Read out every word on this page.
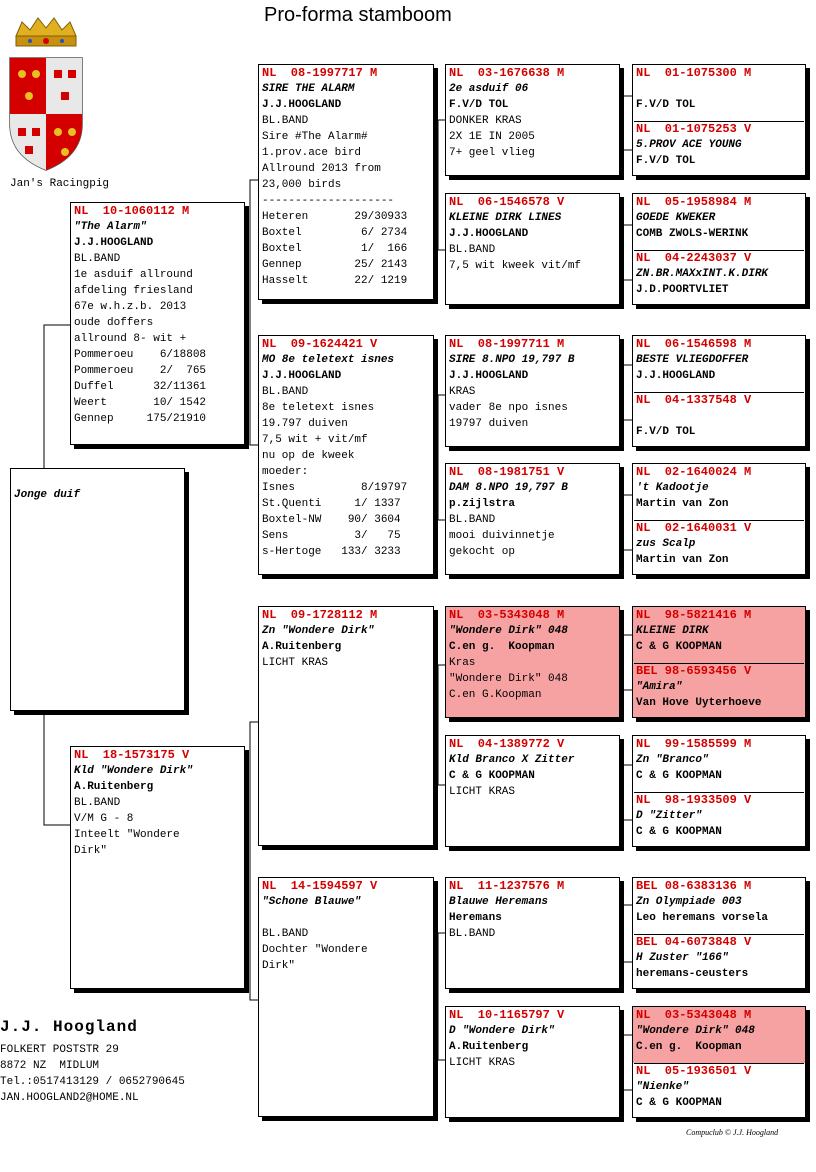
Pro-forma stamboom
Jan's Racingpig
Jonge duif
NL  10-1060112 M
"The Alarm"
J.J.HOOGLAND
BL.BAND
1e asduif allround
afdeling friesland
67e w.h.z.b. 2013
oude doffers
allround 8- wit +
Pommeroeu    6/18808
Pommeroeu    2/  765
Duffel      32/11361
Weert       10/ 1542
Gennep     175/21910
NL  18-1573175 V
Kld "Wondere Dirk"
A.Ruitenberg
BL.BAND
V/M G - 8
Inteelt "Wondere
Dirk"
NL  08-1997717 M
SIRE THE ALARM
J.J.HOOGLAND
BL.BAND
Sire #The Alarm#
1.prov.ace bird
Allround 2013 from
23,000 birds
--------------------
Heteren       29/30933
Boxtel         6/ 2734
Boxtel         1/  166
Gennep        25/ 2143
Hasselt       22/ 1219
NL  09-1624421 V
MO 8e teletext isnes
J.J.HOOGLAND
BL.BAND
8e teletext isnes
19.797 duiven
7,5 wit + vit/mf
nu op de kweek
moeder:
Isnes          8/19797
St.Quenti     1/ 1337
Boxtel-NW    90/ 3604
Sens          3/   75
s-Hertoge   133/ 3233
NL  09-1728112 M
Zn "Wondere Dirk"
A.Ruitenberg
LICHT KRAS
NL  14-1594597 V
"Schone Blauwe"
BL.BAND
Dochter "Wondere
Dirk"
NL  03-1676638 M
2e asduif 06
F.V/D TOL
DONKER KRAS
2X 1E IN 2005
7+ geel vlieg
NL  06-1546578 V
KLEINE DIRK LINES
J.J.HOOGLAND
BL.BAND
7,5 wit kweek vit/mf
NL  08-1997711 M
SIRE 8.NPO 19,797 B
J.J.HOOGLAND
KRAS
vader 8e npo isnes
19797 duiven
NL  08-1981751 V
DAM 8.NPO 19,797 B
p.zijlstra
BL.BAND
mooi duivinnetje
gekocht op
NL  03-5343048 M
"Wondere Dirk" 048
C.en g.  Koopman
Kras
"Wondere Dirk" 048
C.en G.Koopman
NL  04-1389772 V
Kld Branco X Zitter
C & G KOOPMAN
LICHT KRAS
NL  11-1237576 M
Blauwe Heremans
Heremans
BL.BAND
NL  10-1165797 V
D "Wondere Dirk"
A.Ruitenberg
LICHT KRAS
NL  01-1075300 M
F.V/D TOL
NL  01-1075253 V
5.PROV ACE YOUNG
F.V/D TOL
NL  05-1958984 M
GOEDE KWEKER
COMB ZWOLS-WERINK
NL  04-2243037 V
ZN.BR.MAXxINT.K.DIRK
J.D.POORTVLIET
NL  06-1546598 M
BESTE VLIEGDOFFER
J.J.HOOGLAND
NL  04-1337548 V
F.V/D TOL
NL  02-1640024 M
't Kadootje
Martin van Zon
NL  02-1640031 V
zus Scalp
Martin van Zon
NL  98-5821416 M
KLEINE DIRK
C & G KOOPMAN
BEL 98-6593456 V
"Amira"
Van Hove Uyterhoeve
NL  99-1585599 M
Zn "Branco"
C & G KOOPMAN
NL  98-1933509 V
D "Zitter"
C & G KOOPMAN
BEL 08-6383136 M
Zn Olympiade 003
Leo heremans vorsela
BEL 04-6073848 V
H Zuster "166"
heremans-ceusters
NL  03-5343048 M
"Wondere Dirk" 048
C.en g.  Koopman
NL  05-1936501 V
"Nienke"
C & G KOOPMAN
J.J. Hoogland
FOLKERT POSTSTR 29
8872 NZ  MIDLUM
Tel.:0517413129 / 0652790645
JAN.HOOGLAND2@HOME.NL
Compuclub © J.J. Hoogland
